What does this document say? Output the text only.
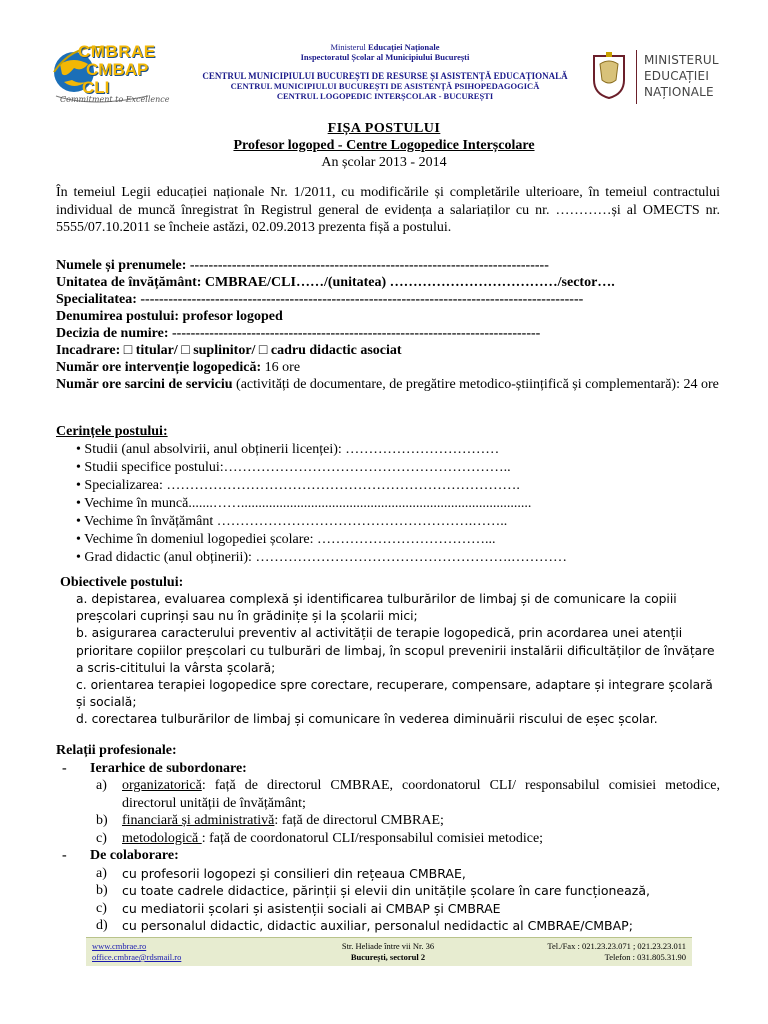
CMBRAE
CMBAP
CLI
Commitment to Excellence
Ministerul Educației Naționale
Inspectoratul Școlar al Municipiului București
CENTRUL MUNICIPIULUI BUCUREȘTI DE RESURSE ȘI ASISTENȚĂ EDUCAȚIONALĂ
CENTRUL MUNICIPIULUI BUCUREȘTI DE ASISTENȚĂ PSIHOPEDAGOGICĂ
CENTRUL LOGOPEDIC INTERȘCOLAR - BUCUREȘTI
MINISTERUL
EDUCAȚIEI
NAȚIONALE
FIȘA POSTULUI
Profesor logoped - Centre Logopedice Interșcolare
An școlar 2013 - 2014
În temeiul Legii educației naționale Nr. 1/2011, cu modificările și completările ulterioare, în temeiul contractului individual de muncă înregistrat în Registrul general de evidența a salariaților cu nr. …………și al OMECTS nr. 5555/07.10.2011 se încheie astăzi, 02.09.2013 prezenta fișă a postului.
Numele și prenumele: -----------------------------------------------------------------------------
Unitatea de învățământ: CMBRAE/CLI……/(unitatea) ………………………………/sector….
Specialitatea: -----------------------------------------------------------------------------------------------
Denumirea postului: profesor logoped
Decizia de numire: -------------------------------------------------------------------------------
Incadrare: □ titular/ □ suplinitor/ □ cadru didactic asociat
Număr ore intervenție logopedică: 16 ore
Număr ore sarcini de serviciu (activități de documentare, de pregătire metodico-științifică și complementară): 24 ore
Cerințele postului:
• Studii (anul absolvirii, anul obținerii licenței): ……………………………
• Studii specifice postului:……………………………………………………..
• Specializarea: ………………………………………………………………….
• Vechime în muncă.......……...................................................................................
• Vechime în învățământ ……………………………………………….……..
• Vechime în domeniul logopediei școlare: ………………………………...
• Grad didactic (anul obținerii): ……………………………………………….…………
Obiectivele postului:
a. depistarea, evaluarea complexă și identificarea tulburărilor de limbaj și de comunicare la copiii preșcolari cuprinși sau nu în grădinițe și la școlarii mici;
b. asigurarea caracterului preventiv al activității de terapie logopedică, prin acordarea unei atenții prioritare copiilor preșcolari cu tulburări de limbaj, în scopul prevenirii instalării dificultăților de învățare a scris-cititului la vârsta școlară;
c. orientarea terapiei logopedice spre corectare, recuperare, compensare, adaptare și integrare școlară și socială;
d. corectarea tulburărilor de limbaj și comunicare în vederea diminuării riscului de eșec școlar.
Relații profesionale:
-	Ierarhice de subordonare:
a)	organizatorică: față de directorul CMBRAE, coordonatorul CLI/ responsabilul comisiei metodice, directorul unității de învățământ;
b)	financiară și administrativă: față de directorul CMBRAE;
c)	metodologică : față de coordonatorul CLI/responsabilul comisiei metodice;
-	De colaborare:
a)	cu profesorii logopezi și consilieri din rețeaua CMBRAE,
b)	cu toate cadrele didactice, părinții și elevii din unitățile școlare în care funcționează,
c)	cu mediatorii școlari și asistenții sociali ai CMBAP și CMBRAE
d)	cu personalul didactic, didactic auxiliar, personalul nedidactic al CMBRAE/CMBAP;
www.cmbrae.ro
office.cmbrae@rdsmail.ro
Str. Heliade între vii Nr. 36
București, sectorul 2
Tel./Fax : 021.23.23.071 ; 021.23.23.011
Telefon : 031.805.31.90
